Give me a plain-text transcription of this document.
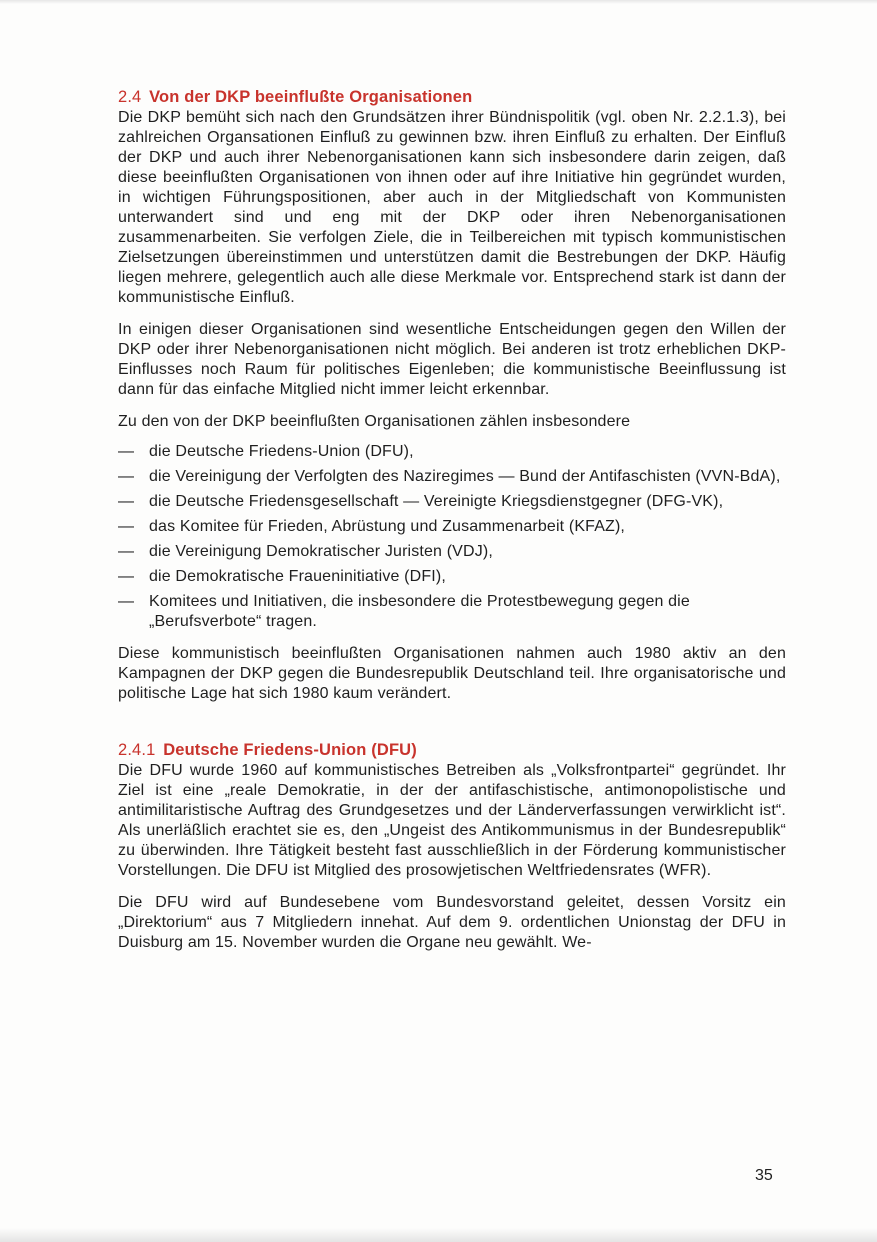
2.4 Von der DKP beeinflußte Organisationen

Die DKP bemüht sich nach den Grundsätzen ihrer Bündnispolitik (vgl. oben Nr. 2.2.1.3), bei zahlreichen Organsationen Einfluß zu gewinnen bzw. ihren Einfluß zu erhalten. Der Einfluß der DKP und auch ihrer Nebenorganisationen kann sich insbesondere darin zeigen, daß diese beeinflußten Organisationen von ihnen oder auf ihre Initiative hin gegründet wurden, in wichtigen Führungspositionen, aber auch in der Mitgliedschaft von Kommunisten unterwandert sind und eng mit der DKP oder ihren Nebenorganisationen zusammenarbeiten. Sie verfolgen Ziele, die in Teilbereichen mit typisch kommunistischen Zielsetzungen übereinstimmen und unterstützen damit die Bestrebungen der DKP. Häufig liegen mehrere, gelegentlich auch alle diese Merkmale vor. Entsprechend stark ist dann der kommunistische Einfluß.

In einigen dieser Organisationen sind wesentliche Entscheidungen gegen den Willen der DKP oder ihrer Nebenorganisationen nicht möglich. Bei anderen ist trotz erheblichen DKP-Einflusses noch Raum für politisches Eigenleben; die kommunistische Beeinflussung ist dann für das einfache Mitglied nicht immer leicht erkennbar.

Zu den von der DKP beeinflußten Organisationen zählen insbesondere

— die Deutsche Friedens-Union (DFU),
— die Vereinigung der Verfolgten des Naziregimes — Bund der Antifaschisten (VVN-BdA),
— die Deutsche Friedensgesellschaft — Vereinigte Kriegsdienstgegner (DFG-VK),
— das Komitee für Frieden, Abrüstung und Zusammenarbeit (KFAZ),
— die Vereinigung Demokratischer Juristen (VDJ),
— die Demokratische Fraueninitiative (DFI),
— Komitees und Initiativen, die insbesondere die Protestbewegung gegen die „Berufsverbote“ tragen.

Diese kommunistisch beeinflußten Organisationen nahmen auch 1980 aktiv an den Kampagnen der DKP gegen die Bundesrepublik Deutschland teil. Ihre organisatorische und politische Lage hat sich 1980 kaum verändert.

2.4.1 Deutsche Friedens-Union (DFU)

Die DFU wurde 1960 auf kommunistisches Betreiben als „Volksfrontpartei“ gegründet. Ihr Ziel ist eine „reale Demokratie, in der der antifaschistische, antimonopolistische und antimilitaristische Auftrag des Grundgesetzes und der Länderverfassungen verwirklicht ist“. Als unerläßlich erachtet sie es, den „Ungeist des Antikommunismus in der Bundesrepublik“ zu überwinden. Ihre Tätigkeit besteht fast ausschließlich in der Förderung kommunistischer Vorstellungen. Die DFU ist Mitglied des prosowjetischen Weltfriedensrates (WFR).

Die DFU wird auf Bundesebene vom Bundesvorstand geleitet, dessen Vorsitz ein „Direktorium“ aus 7 Mitgliedern innehat. Auf dem 9. ordentlichen Unionstag der DFU in Duisburg am 15. November wurden die Organe neu gewählt. We-

35
